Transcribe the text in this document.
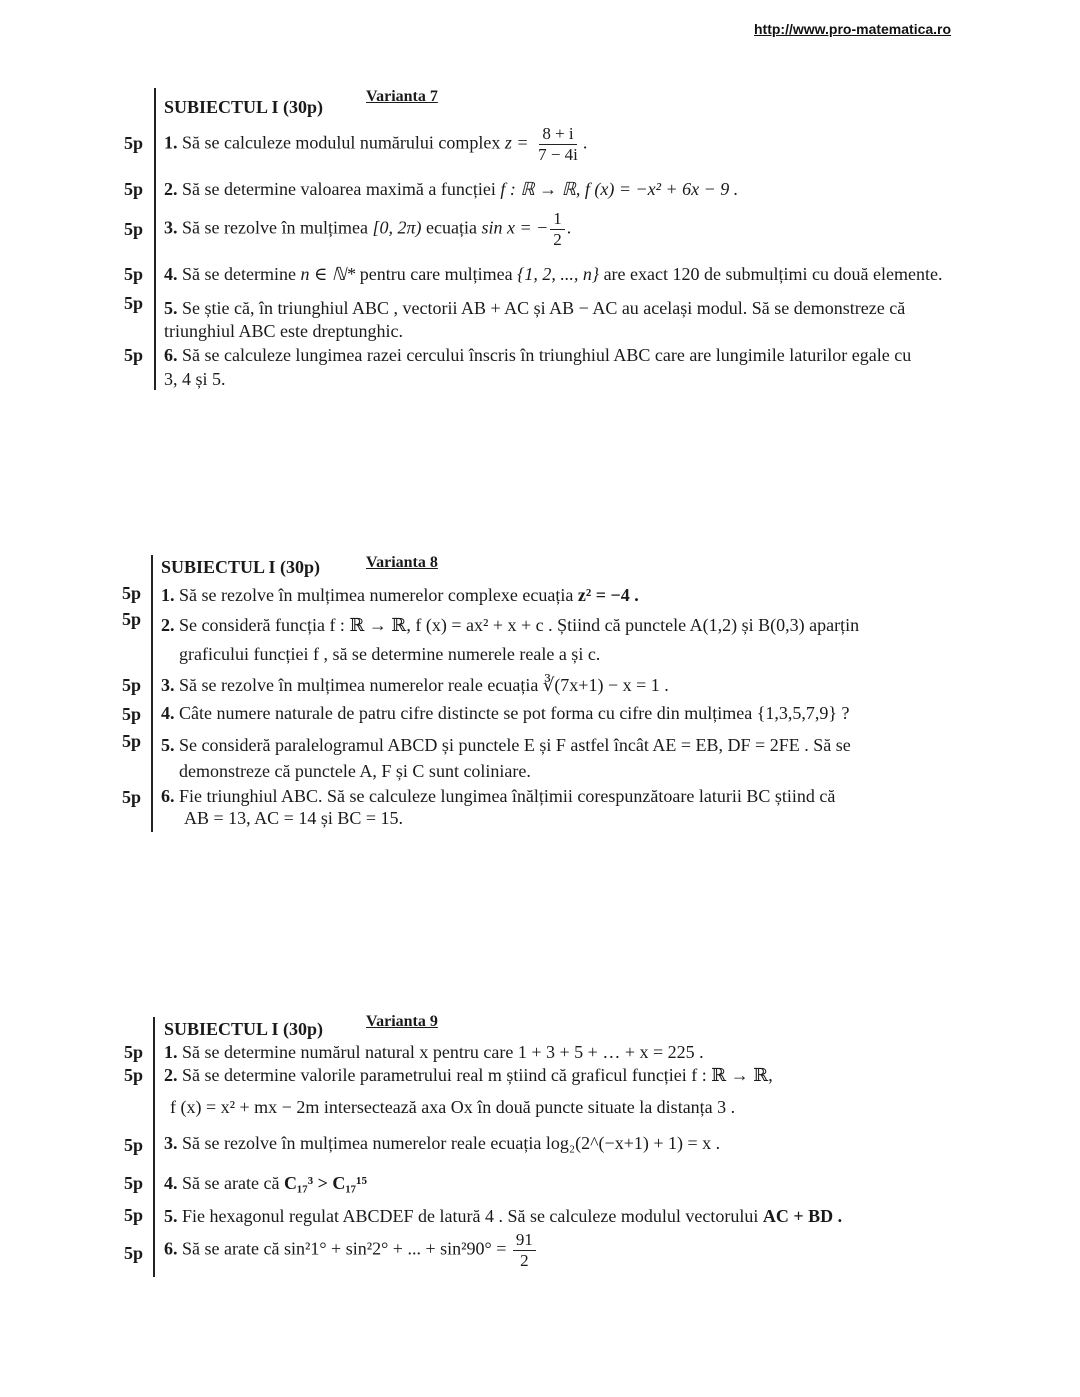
http://www.pro-matematica.ro
SUBIECTUL I (30p)
Varianta 7
5p 1. Să se calculeze modulul numărului complex $z = \frac{8 + i}{7 - 4i}$ .
5p 2. Să se determine valoarea maximă a funcției f : ℝ → ℝ, f (x) = −x² + 6x − 9 .
5p 3. Să se rezolve în mulțimea [0, 2π) ecuația sin x = − $\frac{1}{2}$ .
5p 4. Să se determine n ∈ ℕ* pentru care mulțimea {1, 2, ..., n} are exact 120 de submulțimi cu două elemente.
5p 5. Se știe că, în triunghiul ABC , vectorii AB + AC și AB − AC au același modul. Să se demonstreze că
triunghiul ABC este dreptunghic.
5p 6. Să se calculeze lungimea razei cercului înscris în triunghiul ABC care are lungimile laturilor egale cu
3, 4 și 5.
SUBIECTUL I (30p)	Varianta 8
5p 1. Să se rezolve în mulțimea numerelor complexe ecuația z² = −4 .
5p 2. Se consideră funcția f : ℝ → ℝ, f (x) = ax² + x + c . Știind că punctele A(1,2) și B(0,3) aparțin
graficului funcției f , să se determine numerele reale a și c.
5p 3. Să se rezolve în mulțimea numerelor reale ecuația ∛(7x+1) − x = 1 .
5p 4. Câte numere naturale de patru cifre distincte se pot forma cu cifre din mulțimea {1,3,5,7,9} ?
5p 5. Se consideră paralelogramul ABCD și punctele E și F astfel încât AE = EB, DF = 2FE . Să se
demonstreze că punctele A, F și C sunt coliniare.
5p 6. Fie triunghiul ABC. Să se calculeze lungimea înălțimii corespunzătoare laturii BC știind că
AB = 13, AC = 14 și BC = 15.
SUBIECTUL I (30p)	Varianta 9
5p 1. Să se determine numărul natural x pentru care 1 + 3 + 5 + … + x = 225 .
5p 2. Să se determine valorile parametrului real m știind că graficul funcției f : ℝ → ℝ,
f (x) = x² + mx − 2m intersectează axa Ox în două puncte situate la distanța 3 .
5p 3. Să se rezolve în mulțimea numerelor reale ecuația log₂(2^(−x+1) + 1) = x .
5p 4. Să se arate că C₁₇³ > C₁₇¹⁵
5p 5. Fie hexagonul regulat ABCDEF de latură 4 . Să se calculeze modulul vectorului AC + BD .
5p 6. Să se arate că sin²1° + sin²2° + ... + $\sin^290^\circ = \frac{91}{2}$
